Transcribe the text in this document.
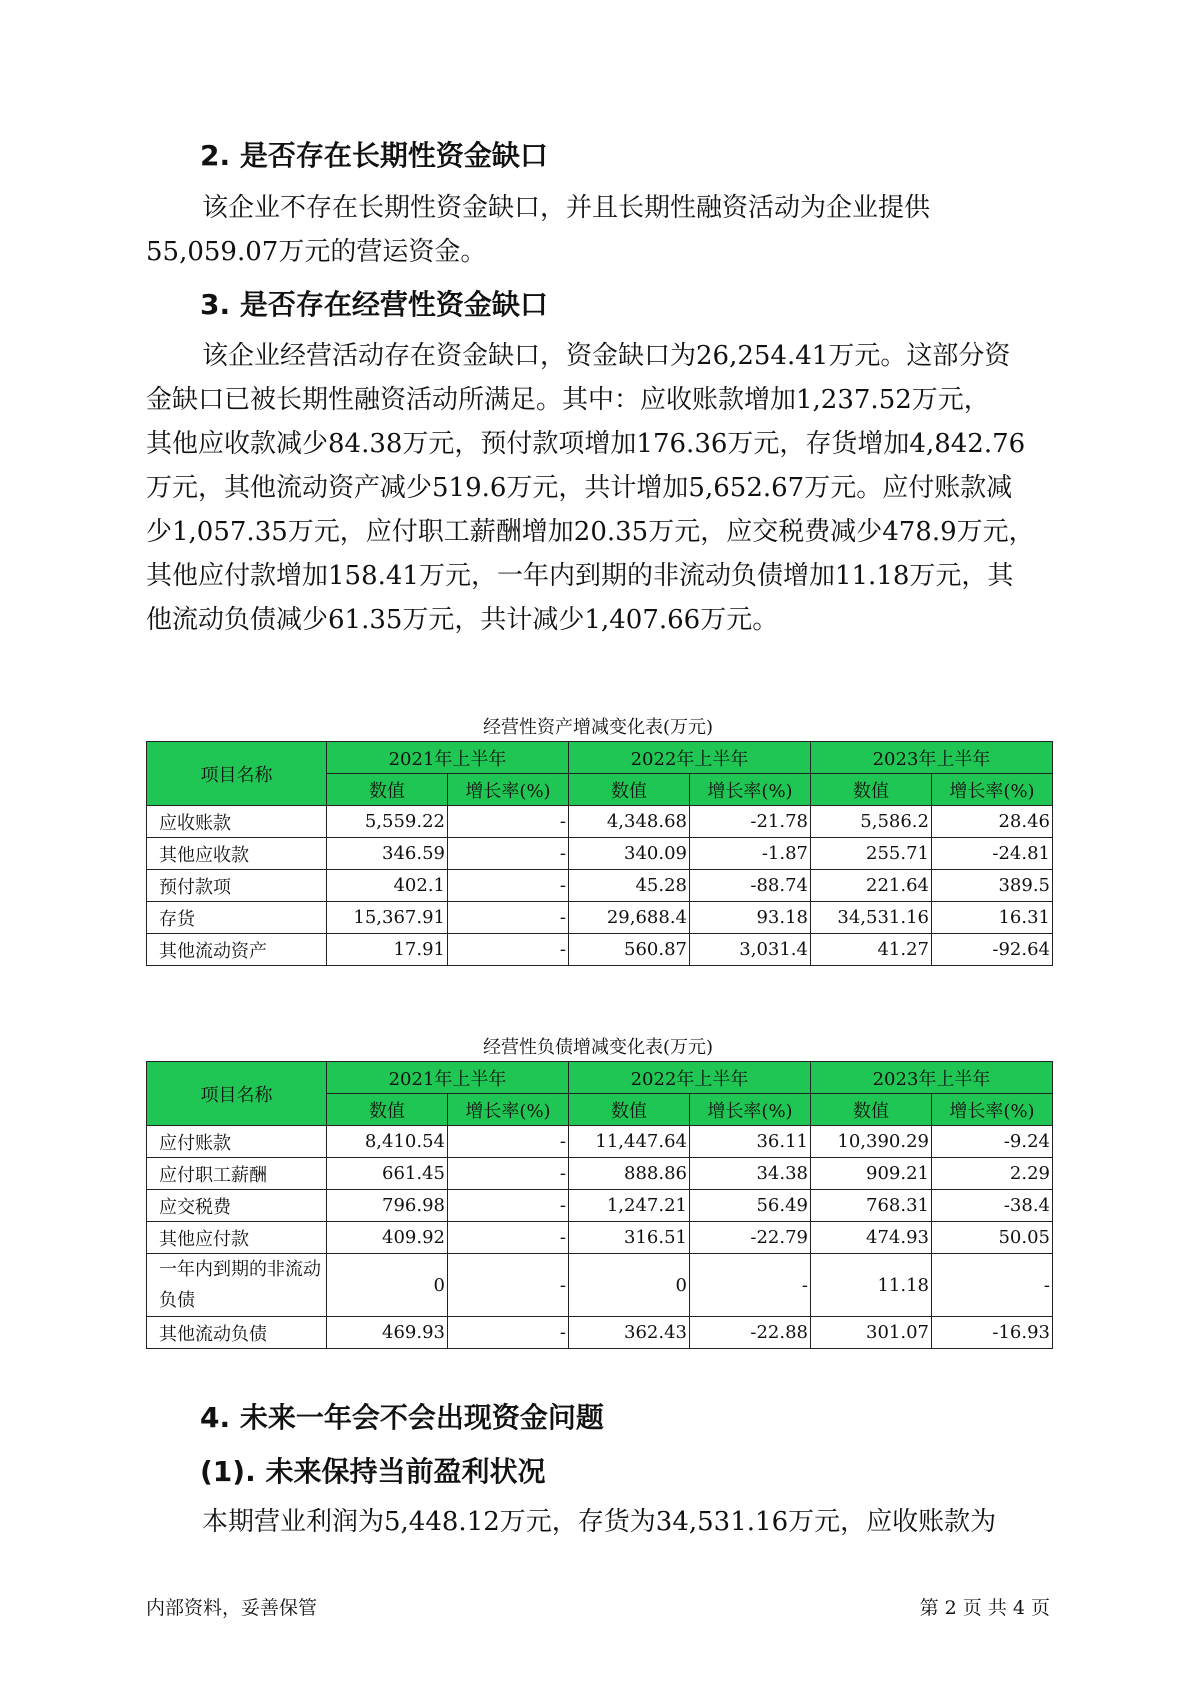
2. 是否存在长期性资金缺口
该企业不存在长期性资金缺口，并且长期性融资活动为企业提供
55,059.07万元的营运资金。
3. 是否存在经营性资金缺口
该企业经营活动存在资金缺口，资金缺口为26,254.41万元。这部分资
金缺口已被长期性融资活动所满足。其中：应收账款增加1,237.52万元，
其他应收款减少84.38万元，预付款项增加176.36万元，存货增加4,842.76
万元，其他流动资产减少519.6万元，共计增加5,652.67万元。应付账款减
少1,057.35万元，应付职工薪酬增加20.35万元，应交税费减少478.9万元，
其他应付款增加158.41万元，一年内到期的非流动负债增加11.18万元，其
他流动负债减少61.35万元，共计减少1,407.66万元。
经营性资产增减变化表(万元)
项目名称	2021年上半年		2022年上半年		2023年上半年	
	数值	增长率(%)	数值	增长率(%)	数值	增长率(%)
应收账款	5,559.22	-	4,348.68	-21.78	5,586.2	28.46
其他应收款	346.59	-	340.09	-1.87	255.71	-24.81
预付款项	402.1	-	45.28	-88.74	221.64	389.5
存货	15,367.91	-	29,688.4	93.18	34,531.16	16.31
其他流动资产	17.91	-	560.87	3,031.4	41.27	-92.64
经营性负债增减变化表(万元)
项目名称	2021年上半年		2022年上半年		2023年上半年	
	数值	增长率(%)	数值	增长率(%)	数值	增长率(%)
应付账款	8,410.54	-	11,447.64	36.11	10,390.29	-9.24
应付职工薪酬	661.45	-	888.86	34.38	909.21	2.29
应交税费	796.98	-	1,247.21	56.49	768.31	-38.4
其他应付款	409.92	-	316.51	-22.79	474.93	50.05
一年内到期的非流动负债	0	-	0	-	11.18	-
其他流动负债	469.93	-	362.43	-22.88	301.07	-16.93
4. 未来一年会不会出现资金问题
(1). 未来保持当前盈利状况
本期营业利润为5,448.12万元，存货为34,531.16万元，应收账款为
内部资料，妥善保管	第 2 页 共 4 页
